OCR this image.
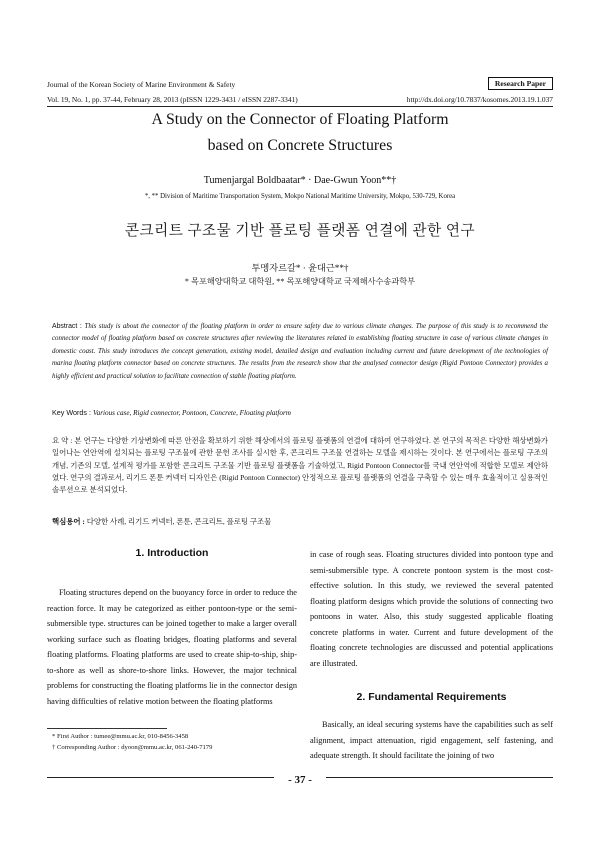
Journal of the Korean Society of Marine Environment & Safety	Research Paper
Vol. 19, No. 1, pp. 37-44, February 28, 2013 (pISSN 1229-3431 / eISSN 2287-3341)	http://dx.doi.org/10.7837/kosomes.2013.19.1.037
A Study on the Connector of Floating Platform
based on Concrete Structures
Tumenjargal Boldbaatar* · Dae-Gwun Yoon**†
*, ** Division of Maritime Transportation System, Mokpo National Maritime University, Mokpo, 530-729, Korea
콘크리트 구조물 기반 플로팅 플랫폼 연결에 관한 연구
투멩자르갈* · 윤대근**†
* 목포해양대학교 대학원, ** 목포해양대학교 국제해사수송과학부
Abstract : This study is about the connector of the floating platform in order to ensure safety due to various climate changes. The purpose of this study is to recommend the connector model of floating platform based on concrete structures after reviewing the literatures related in establishing floating structure in case of various climate changes in domestic coast. This study introduces the concept generation, existing model, detailed design and evaluation including current and future development of the technologies of marina floating platform connector based on concrete structures. The results from the research show that the analysed connector design (Rigid Pontoon Connector) provides a highly efficient and practical solution to facilitate connection of stable floating platform.
Key Words : Various case, Rigid connector, Pontoon, Concrete, Floating platform
요 약 : 본 연구는 다양한 기상변화에 따른 안전을 확보하기 위한 해상에서의 플로팅 플랫폼의 연결에 대하여 연구하였다. 본 연구의 목적은 다양한 해상변화가 일어나는 연안역에 설치되는 플로팅 구조물에 관한 문헌 조사를 실시한 후, 콘크리트 구조물 연결하는 모델을 제시하는 것이다. 본 연구에서는 플로팅 구조의 개념, 기존의 모델, 설계적 평가를 포함한 콘크리트 구조물 기반 플로팅 플랫폼을 기술하였고, Rigid Pontoon Connector를 국내 연안역에 적합한 모델로 제안하였다. 연구의 결과로서, 리기드 폰툰 커넥터 디자인은 (Rigid Pontoon Connector) 안정적으로 플로팅 플랫폼의 연결을 구축할 수 있는 매우 효율적이고 실용적인 솔루션으로 분석되었다.
핵심용어 : 다양한 사례, 리기드 커넥터, 폰툰, 콘크리트, 플로팅 구조물
1. Introduction

Floating structures depend on the buoyancy force in order to reduce the reaction force. It may be categorized as either pontoon-type or the semi-submersible type. structures can be joined together to make a larger overall working surface such as floating bridges, floating platforms and several floating platforms. Floating platforms are used to create ship-to-ship, ship-to-shore as well as shore-to-shore links. However, the major technical problems for constructing the floating platforms lie in the connector design having difficulties of relative motion between the floating platforms

in case of rough seas. Floating structures divided into pontoon type and semi-submersible type. A concrete pontoon system is the most cost-effective solution. In this study, we reviewed the several patented floating platform designs which provide the solutions of connecting two pontoons in water. Also, this study suggested applicable floating concrete platforms in water. Current and future development of the floating concrete technologies are discussed and potential applications are illustrated.

2. Fundamental Requirements

Basically, an ideal securing systems have the capabilities such as self alignment, impact attenuation, rigid engagement, self fastening, and adequate strength. It should facilitate the joining of two

* First Author : tumee@mmu.ac.kr, 010-8456-3458
† Corresponding Author : dyoon@mmu.ac.kr, 061-240-7179
- 37 -
